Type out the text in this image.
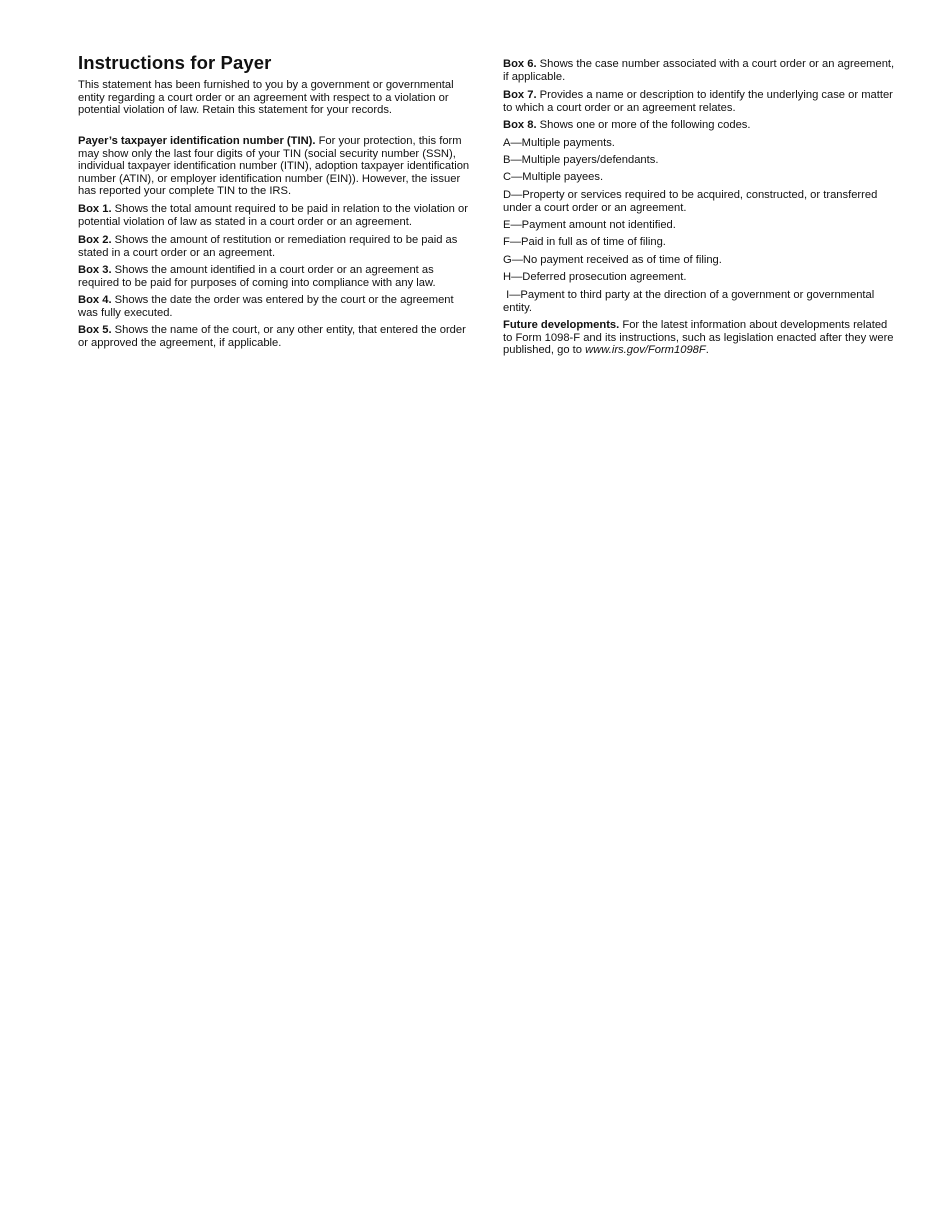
Instructions for Payer

This statement has been furnished to you by a government or governmental entity regarding a court order or an agreement with respect to a violation or potential violation of law. Retain this statement for your records.

Payer’s taxpayer identification number (TIN). For your protection, this form may show only the last four digits of your TIN (social security number (SSN), individual taxpayer identification number (ITIN), adoption taxpayer identification number (ATIN), or employer identification number (EIN)). However, the issuer has reported your complete TIN to the IRS.

Box 1. Shows the total amount required to be paid in relation to the violation or potential violation of law as stated in a court order or an agreement.

Box 2. Shows the amount of restitution or remediation required to be paid as stated in a court order or an agreement.

Box 3. Shows the amount identified in a court order or an agreement as required to be paid for purposes of coming into compliance with any law.

Box 4. Shows the date the order was entered by the court or the agreement was fully executed.

Box 5. Shows the name of the court, or any other entity, that entered the order or approved the agreement, if applicable.

Box 6. Shows the case number associated with a court order or an agreement, if applicable.

Box 7. Provides a name or description to identify the underlying case or matter to which a court order or an agreement relates.

Box 8. Shows one or more of the following codes.

A—Multiple payments.

B—Multiple payers/defendants.

C—Multiple payees.

D—Property or services required to be acquired, constructed, or transferred under a court order or an agreement.

E—Payment amount not identified.

F—Paid in full as of time of filing.

G—No payment received as of time of filing.

H—Deferred prosecution agreement.

I—Payment to third party at the direction of a government or governmental entity.

Future developments. For the latest information about developments related to Form 1098-F and its instructions, such as legislation enacted after they were published, go to www.irs.gov/Form1098F.
